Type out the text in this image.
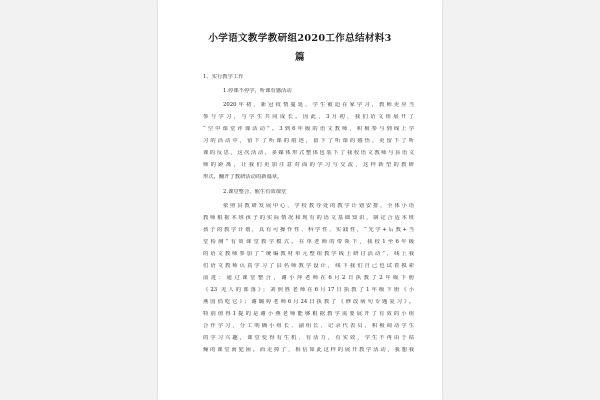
小学语文教学教研组2020工作总结材料3
篇
1、实行教学工作
1.停课不停学，听课有感活动
2020年初，新冠疫情蔓延，学生被迫在家学习，教师更应当
参与学习，与学生共同成长。因此，3月初，我们语文组展开了
“空中课堂评课活动”。3到6年级的语文教师，积极参与到线上学
习的活动中，留下了听课的痕迹，留下了听课的感悟，更留下了听
课的反思，这次活动，多媒体形式整体包装下了我校语文教师与县语文
师的距离，让我们更加注意对面的学习与交流，这样新型的教研
形式，翻开了教研活动的新篇章。
2.课堂整合，催生有效课堂
依照县教研发展中心、学校教导处的教学计划安排，全体小语
教师根据本班孩子的实际情况和现有的语文基础知识，制定合适本班
孩子的教学计划，具有可操作性、科学性、实践性，“先学+后教+当
堂检测”有效课堂教学模式。在单老师的带领下，我校1至6年级
的语文教师参加了“统编教材单元整组教学线上研讨活动”，线上我
们语文教师认真学习了县名师教学设计，线下我们自己也试着摸索
前进：通过课堂整合，谢小萍老师在6月2日执教了2年级下册
《23 羌人的部落》；刘照胜老师在6月17日执教了1年级下册《小
燕国俏吃它》；谢璐婷老师6月24日执教了《修改病句专题复习》。
特别值得1提的是谢小燕老师能够根据教学需要展开了有效的小组
合作学习，分工明确小组长、副组长、记录代表员，积极调动学生
的学习兴趣，课堂变得有生机、有活力，有实效，学生不再由于枯
燥的课堂而犯困。而走掉了，相信如此这样的展开教学活动，我想我
